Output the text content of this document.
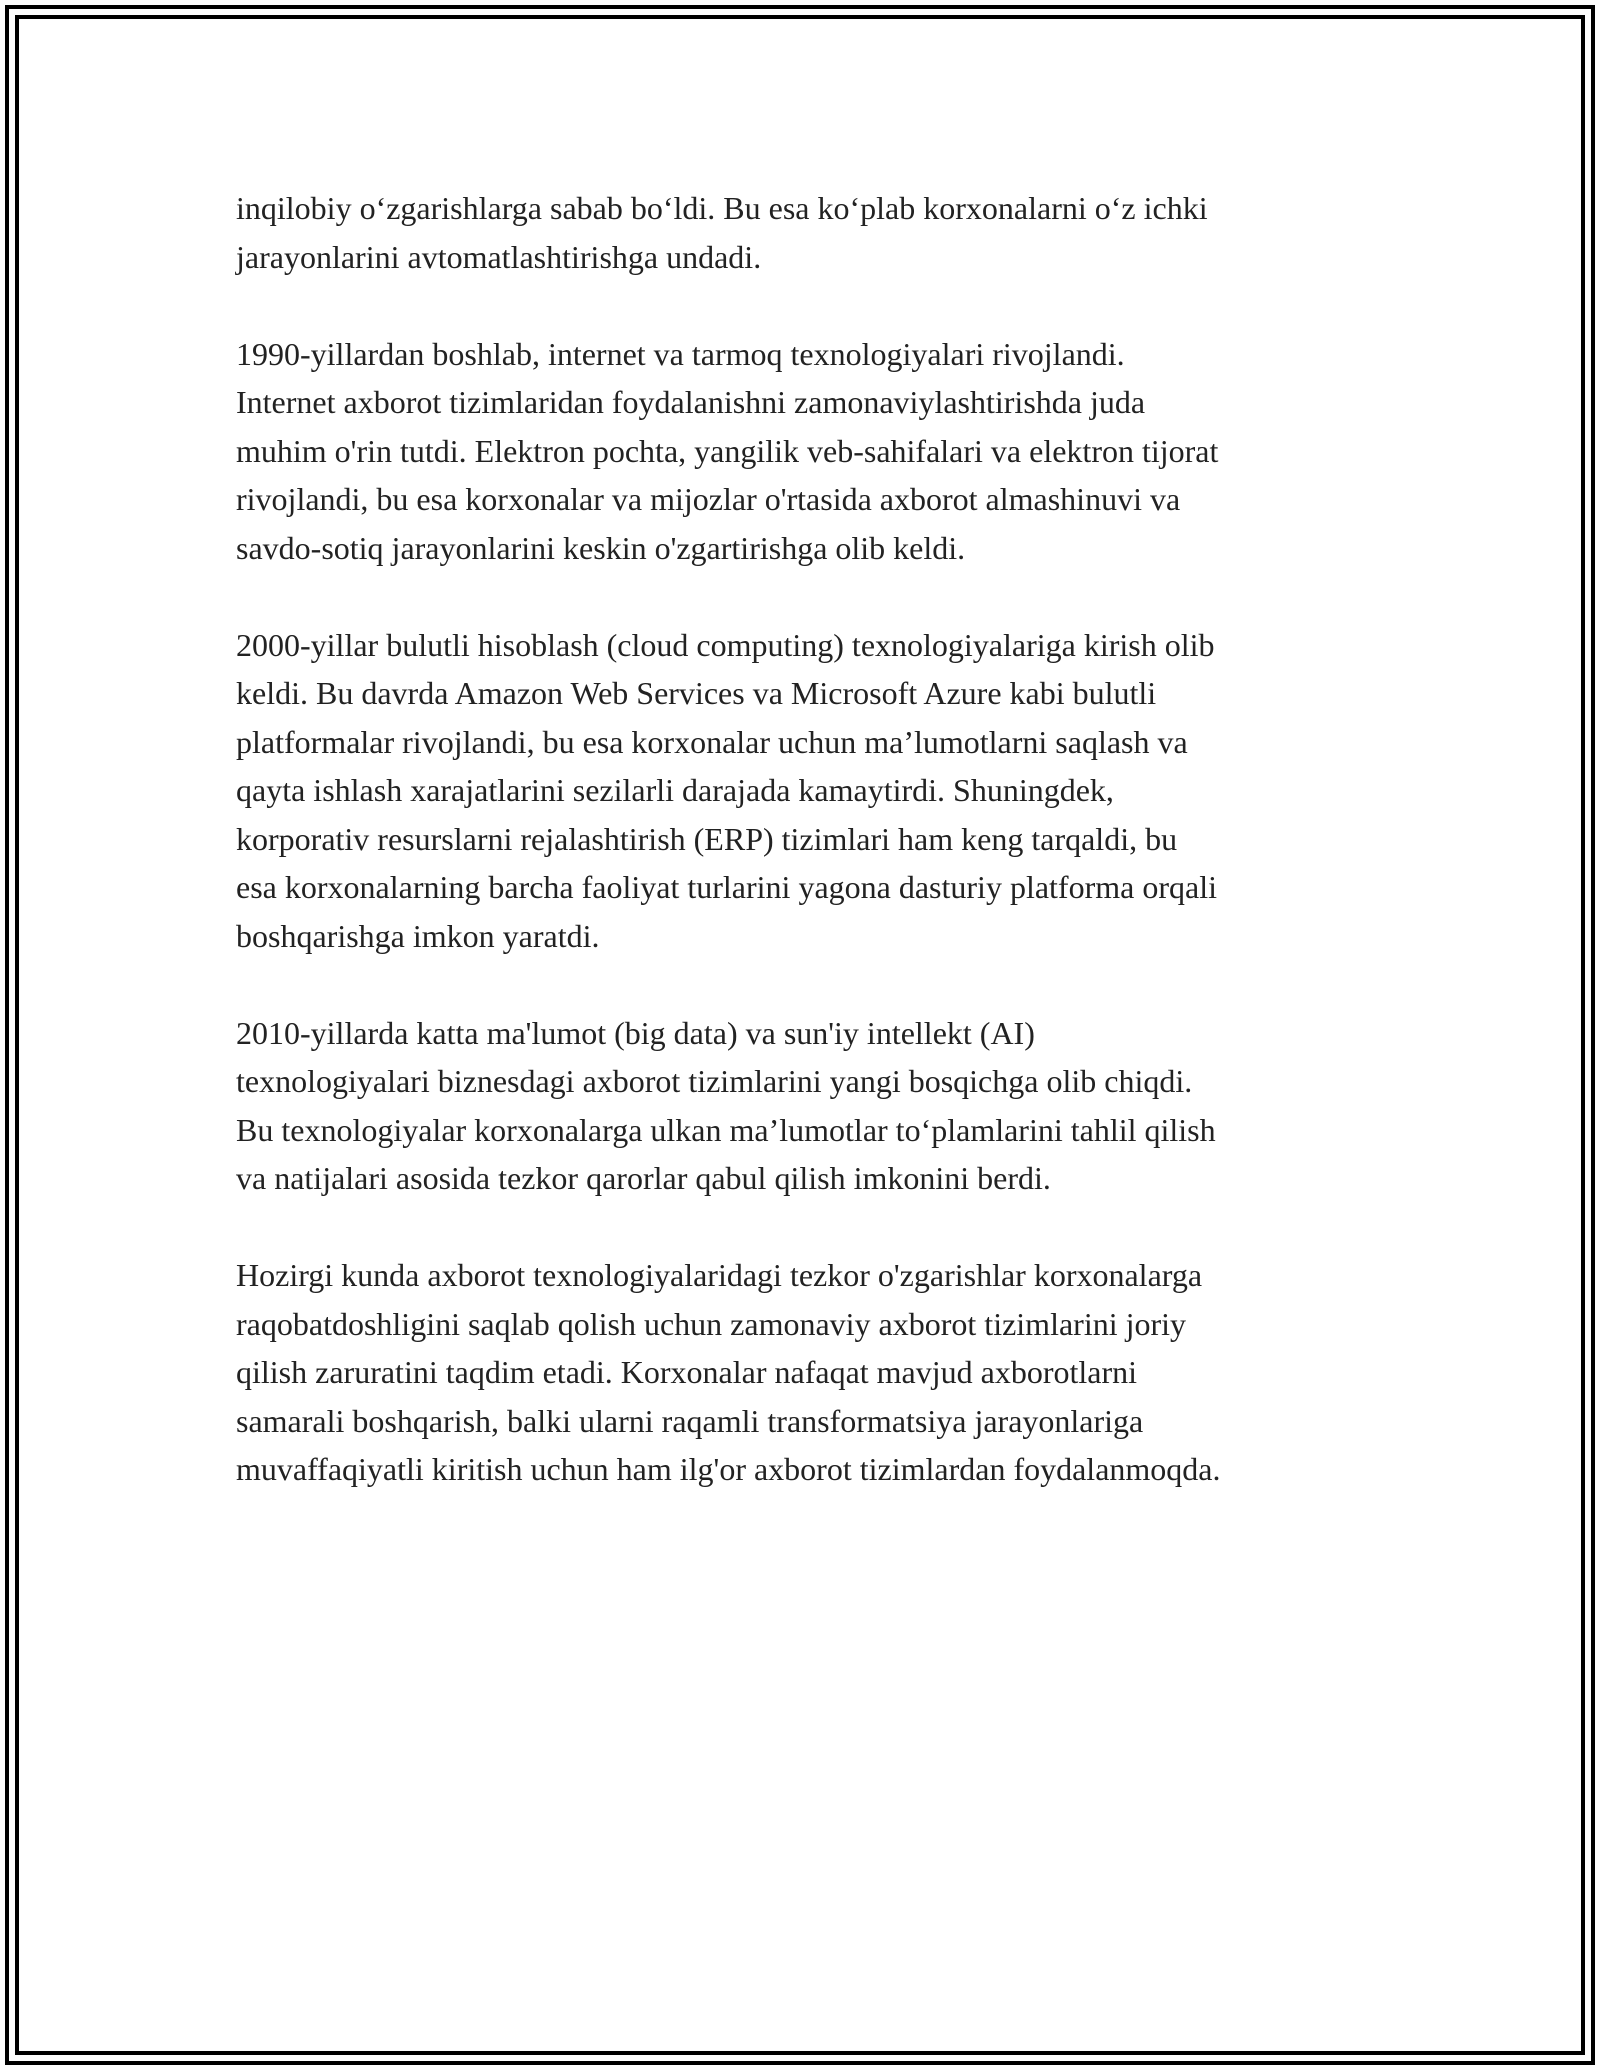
inqilobiy oʻzgarishlarga sabab boʻldi. Bu esa koʻplab korxonalarni oʻz ichki
jarayonlarini avtomatlashtirishga undadi.

1990-yillardan boshlab, internet va tarmoq texnologiyalari rivojlandi.
Internet axborot tizimlaridan foydalanishni zamonaviylashtirishda juda
muhim o'rin tutdi. Elektron pochta, yangilik veb-sahifalari va elektron tijorat
rivojlandi, bu esa korxonalar va mijozlar o'rtasida axborot almashinuvi va
savdo-sotiq jarayonlarini keskin o'zgartirishga olib keldi.

2000-yillar bulutli hisoblash (cloud computing) texnologiyalariga kirish olib
keldi. Bu davrda Amazon Web Services va Microsoft Azure kabi bulutli
platformalar rivojlandi, bu esa korxonalar uchun ma’lumotlarni saqlash va
qayta ishlash xarajatlarini sezilarli darajada kamaytirdi. Shuningdek,
korporativ resurslarni rejalashtirish (ERP) tizimlari ham keng tarqaldi, bu
esa korxonalarning barcha faoliyat turlarini yagona dasturiy platforma orqali
boshqarishga imkon yaratdi.

2010-yillarda katta ma'lumot (big data) va sun'iy intellekt (AI)
texnologiyalari biznesdagi axborot tizimlarini yangi bosqichga olib chiqdi.
Bu texnologiyalar korxonalarga ulkan ma’lumotlar toʻplamlarini tahlil qilish
va natijalari asosida tezkor qarorlar qabul qilish imkonini berdi.

Hozirgi kunda axborot texnologiyalaridagi tezkor o'zgarishlar korxonalarga
raqobatdoshligini saqlab qolish uchun zamonaviy axborot tizimlarini joriy
qilish zaruratini taqdim etadi. Korxonalar nafaqat mavjud axborotlarni
samarali boshqarish, balki ularni raqamli transformatsiya jarayonlariga
muvaffaqiyatli kiritish uchun ham ilg'or axborot tizimlardan foydalanmoqda.
